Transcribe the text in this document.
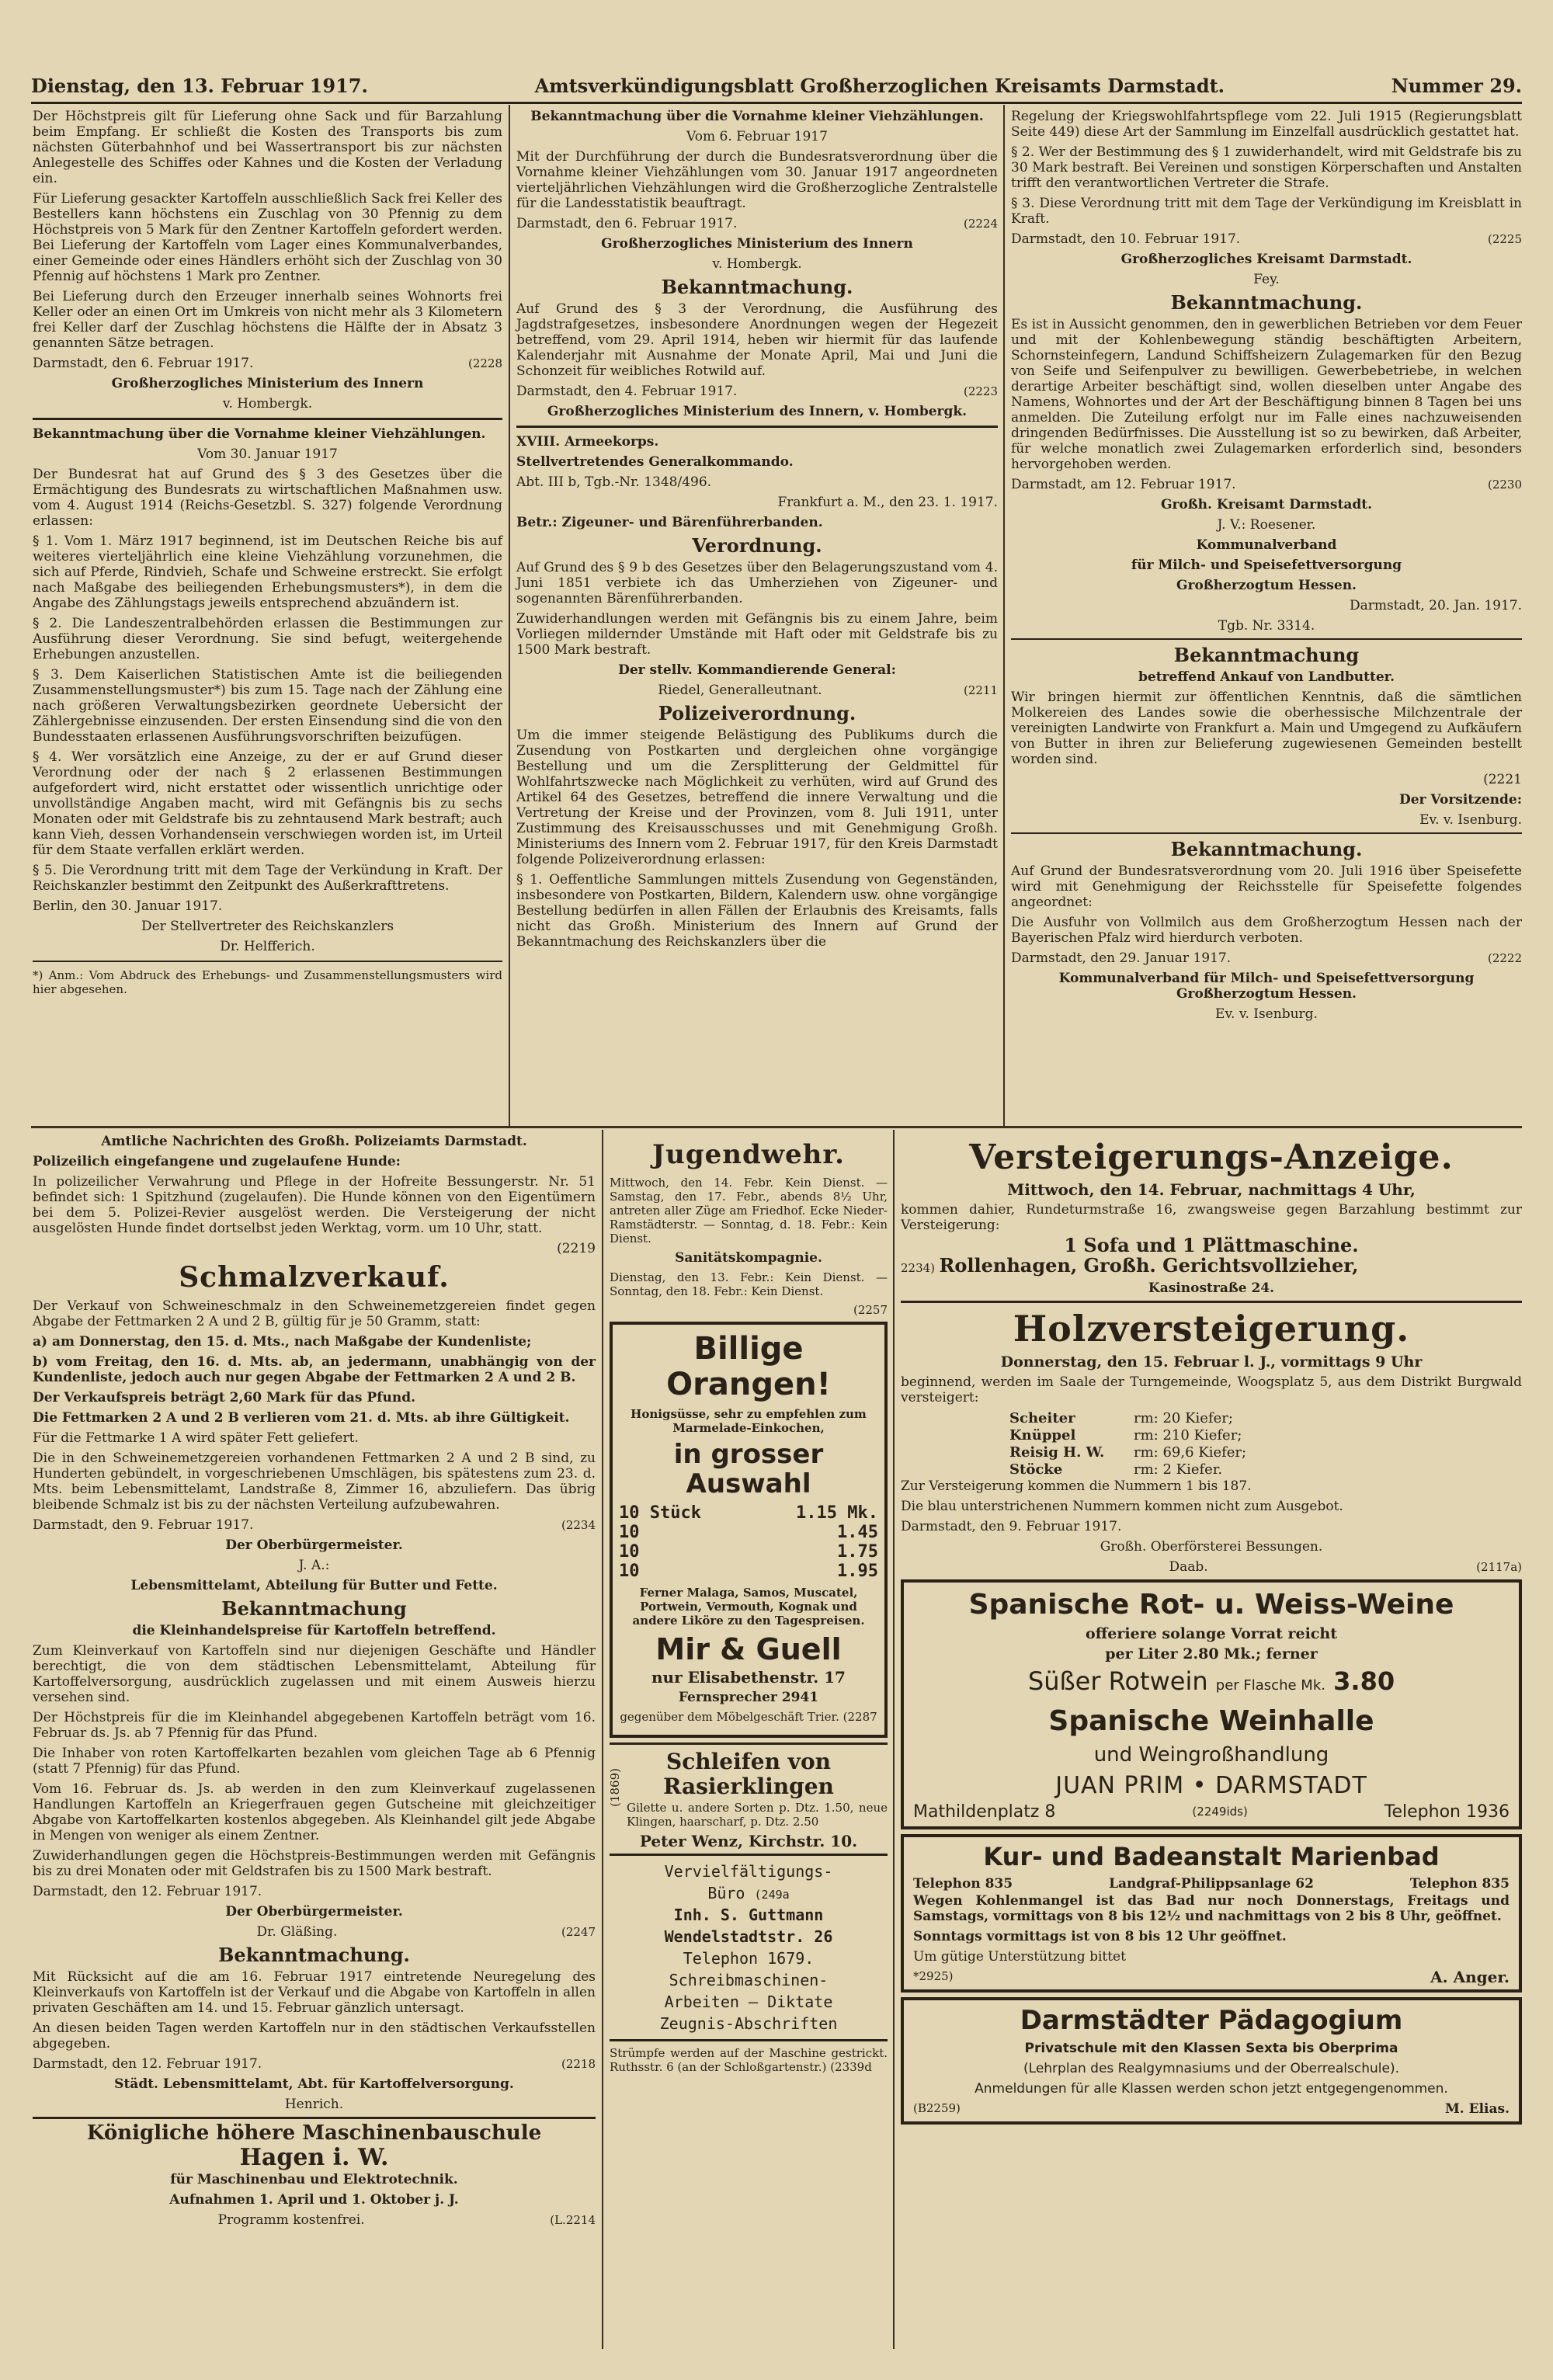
Dienstag, den 13. Februar 1917.	Amtsverkündigungsblatt Großherzoglichen Kreisamts Darmstadt.	Nummer 29.

Der Höchstpreis gilt für Lieferung ohne Sack und für Barzahlung beim Empfang. Er schließt die Kosten des Transports bis zum nächsten Güterbahnhof und bei Wassertransport bis zur nächsten Anlegestelle des Schiffes oder Kahnes und die Kosten der Verladung ein.

Für Lieferung gesackter Kartoffeln ausschließlich Sack frei Keller des Bestellers kann höchstens ein Zuschlag von 30 Pfennig zu dem Höchstpreis von 5 Mark für den Zentner Kartoffeln gefordert werden. Bei Lieferung der Kartoffeln vom Lager eines Kommunalverbandes, einer Gemeinde oder eines Händlers erhöht sich der Zuschlag von 30 Pfennig auf höchstens 1 Mark pro Zentner.

Bei Lieferung durch den Erzeuger innerhalb seines Wohnorts frei Keller oder an einen Ort im Umkreis von nicht mehr als 3 Kilometern frei Keller darf der Zuschlag höchstens die Hälfte der in Absatz 3 genannten Sätze betragen.

Darmstadt, den 6. Februar 1917.	(2228

Großherzogliches Ministerium des Innern

v. Hombergk.

Bekanntmachung über die Vornahme kleiner Viehzählungen.

Vom 30. Januar 1917

Der Bundesrat hat auf Grund des § 3 des Gesetzes über die Ermächtigung des Bundesrats zu wirtschaftlichen Maßnahmen usw. vom 4. August 1914 (Reichs-Gesetzbl. S. 327) folgende Verordnung erlassen:

§ 1. Vom 1. März 1917 beginnend, ist im Deutschen Reiche bis auf weiteres vierteljährlich eine kleine Viehzählung vorzunehmen, die sich auf Pferde, Rindvieh, Schafe und Schweine erstreckt. Sie erfolgt nach Maßgabe des beiliegenden Erhebungsmusters*), in dem die Angabe des Zählungstags jeweils entsprechend abzuändern ist.

§ 2. Die Landeszentralbehörden erlassen die Bestimmungen zur Ausführung dieser Verordnung. Sie sind befugt, weitergehende Erhebungen anzustellen.

§ 3. Dem Kaiserlichen Statistischen Amte ist die beiliegenden Zusammenstellungsmuster*) bis zum 15. Tage nach der Zählung eine nach größeren Verwaltungsbezirken geordnete Uebersicht der Zählergebnisse einzusenden. Der ersten Einsendung sind die von den Bundesstaaten erlassenen Ausführungsvorschriften beizufügen.

§ 4. Wer vorsätzlich eine Anzeige, zu der er auf Grund dieser Verordnung oder der nach § 2 erlassenen Bestimmungen aufgefordert wird, nicht erstattet oder wissentlich unrichtige oder unvollständige Angaben macht, wird mit Gefängnis bis zu sechs Monaten oder mit Geldstrafe bis zu zehntausend Mark bestraft; auch kann Vieh, dessen Vorhandensein verschwiegen worden ist, im Urteil für dem Staate verfallen erklärt werden.

§ 5. Die Verordnung tritt mit dem Tage der Verkündung in Kraft. Der Reichskanzler bestimmt den Zeitpunkt des Außerkrafttretens.

Berlin, den 30. Januar 1917.

Der Stellvertreter des Reichskanzlers

Dr. Helfferich.

*) Anm.: Vom Abdruck des Erhebungs- und Zusammenstellungsmusters wird hier abgesehen.

Bekanntmachung über die Vornahme kleiner Viehzählungen.

Vom 6. Februar 1917

Mit der Durchführung der durch die Bundesratsverordnung über die Vornahme kleiner Viehzählungen vom 30. Januar 1917 angeordneten vierteljährlichen Viehzählungen wird die Großherzogliche Zentralstelle für die Landesstatistik beauftragt.

Darmstadt, den 6. Februar 1917.	(2224

Großherzogliches Ministerium des Innern

v. Hombergk.

Bekanntmachung.

Auf Grund des § 3 der Verordnung, die Ausführung des Jagdstrafgesetzes, insbesondere Anordnungen wegen der Hegezeit betreffend, vom 29. April 1914, heben wir hiermit für das laufende Kalenderjahr mit Ausnahme der Monate April, Mai und Juni die Schonzeit für weibliches Rotwild auf.

Darmstadt, den 4. Februar 1917.	(2223

Großherzogliches Ministerium des Innern, v. Hombergk.

XVIII. Armeekorps.

Stellvertretendes Generalkommando.

Abt. III b, Tgb.-Nr. 1348/496.

Frankfurt a. M., den 23. 1. 1917.

Betr.: Zigeuner- und Bärenführerbanden.

Verordnung.

Auf Grund des § 9 b des Gesetzes über den Belagerungszustand vom 4. Juni 1851 verbiete ich das Umherziehen von Zigeuner- und sogenannten Bärenführerbanden.

Zuwiderhandlungen werden mit Gefängnis bis zu einem Jahre, beim Vorliegen mildernder Umstände mit Haft oder mit Geldstrafe bis zu 1500 Mark bestraft.

Der stellv. Kommandierende General:

Riedel, Generalleutnant.	(2211

Polizeiverordnung.

Um die immer steigende Belästigung des Publikums durch die Zusendung von Postkarten und dergleichen ohne vorgängige Bestellung und um die Zersplitterung der Geldmittel für Wohlfahrtszwecke nach Möglichkeit zu verhüten, wird auf Grund des Artikel 64 des Gesetzes, betreffend die innere Verwaltung und die Vertretung der Kreise und der Provinzen, vom 8. Juli 1911, unter Zustimmung des Kreisausschusses und mit Genehmigung Großh. Ministeriums des Innern vom 2. Februar 1917, für den Kreis Darmstadt folgende Polizeiverordnung erlassen:

§ 1. Oeffentliche Sammlungen mittels Zusendung von Gegenständen, insbesondere von Postkarten, Bildern, Kalendern usw. ohne vorgängige Bestellung bedürfen in allen Fällen der Erlaubnis des Kreisamts, falls nicht das Großh. Ministerium des Innern auf Grund der Bekanntmachung des Reichskanzlers über die

Regelung der Kriegswohlfahrtspflege vom 22. Juli 1915 (Regierungsblatt Seite 449) diese Art der Sammlung im Einzelfall ausdrücklich gestattet hat.

§ 2. Wer der Bestimmung des § 1 zuwiderhandelt, wird mit Geldstrafe bis zu 30 Mark bestraft. Bei Vereinen und sonstigen Körperschaften und Anstalten trifft den verantwortlichen Vertreter die Strafe.

§ 3. Diese Verordnung tritt mit dem Tage der Verkündigung im Kreisblatt in Kraft.

Darmstadt, den 10. Februar 1917.	(2225

Großherzogliches Kreisamt Darmstadt.

Fey.

Bekanntmachung.

Es ist in Aussicht genommen, den in gewerblichen Betrieben vor dem Feuer und mit der Kohlenbewegung ständig beschäftigten Arbeitern, Schornsteinfegern, Landund Schiffsheizern Zulagemarken für den Bezug von Seife und Seifenpulver zu bewilligen. Gewerbebetriebe, in welchen derartige Arbeiter beschäftigt sind, wollen dieselben unter Angabe des Namens, Wohnortes und der Art der Beschäftigung binnen 8 Tagen bei uns anmelden. Die Zuteilung erfolgt nur im Falle eines nachzuweisenden dringenden Bedürfnisses. Die Ausstellung ist so zu bewirken, daß Arbeiter, für welche monatlich zwei Zulagemarken erforderlich sind, besonders hervorgehoben werden.

Darmstadt, am 12. Februar 1917.	(2230

Großh. Kreisamt Darmstadt.

J. V.: Roesener.

Kommunalverband

für Milch- und Speisefettversorgung

Großherzogtum Hessen.

Darmstadt, 20. Jan. 1917.

Tgb. Nr. 3314.

Bekanntmachung

betreffend Ankauf von Landbutter.

Wir bringen hiermit zur öffentlichen Kenntnis, daß die sämtlichen Molkereien des Landes sowie die oberhessische Milchzentrale der vereinigten Landwirte von Frankfurt a. Main und Umgegend zu Aufkäufern von Butter in ihren zur Belieferung zugewiesenen Gemeinden bestellt worden sind.

(2221

Der Vorsitzende:

Ev. v. Isenburg.

Bekanntmachung.

Auf Grund der Bundesratsverordnung vom 20. Juli 1916 über Speisefette wird mit Genehmigung der Reichsstelle für Speisefette folgendes angeordnet:

Die Ausfuhr von Vollmilch aus dem Großherzogtum Hessen nach der Bayerischen Pfalz wird hierdurch verboten.

Darmstadt, den 29. Januar 1917.	(2222

Kommunalverband für Milch- und Speisefettversorgung Großherzogtum Hessen.

Ev. v. Isenburg.

Amtliche Nachrichten des Großh. Polizeiamts Darmstadt.

Polizeilich eingefangene und zugelaufene Hunde:

In polizeilicher Verwahrung und Pflege in der Hofreite Bessungerstr. Nr. 51 befindet sich: 1 Spitzhund (zugelaufen). Die Hunde können von den Eigentümern bei dem 5. Polizei-Revier ausgelöst werden. Die Versteigerung der nicht ausgelösten Hunde findet dortselbst jeden Werktag, vorm. um 10 Uhr, statt.

(2219

Schmalzverkauf.

Der Verkauf von Schweineschmalz in den Schweinemetzgereien findet gegen Abgabe der Fettmarken 2 A und 2 B, gültig für je 50 Gramm, statt:

a) am Donnerstag, den 15. d. Mts., nach Maßgabe der Kundenliste;

b) vom Freitag, den 16. d. Mts. ab, an jedermann, unabhängig von der Kundenliste, jedoch auch nur gegen Abgabe der Fettmarken 2 A und 2 B.

Der Verkaufspreis beträgt 2,60 Mark für das Pfund.

Die Fettmarken 2 A und 2 B verlieren vom 21. d. Mts. ab ihre Gültigkeit.

Für die Fettmarke 1 A wird später Fett geliefert.

Die in den Schweinemetzgereien vorhandenen Fettmarken 2 A und 2 B sind, zu Hunderten gebündelt, in vorgeschriebenen Umschlägen, bis spätestens zum 23. d. Mts. beim Lebensmittelamt, Landstraße 8, Zimmer 16, abzuliefern. Das übrig bleibende Schmalz ist bis zu der nächsten Verteilung aufzubewahren.

Darmstadt, den 9. Februar 1917.	(2234

Der Oberbürgermeister.

J. A.:

Lebensmittelamt, Abteilung für Butter und Fette.

Bekanntmachung

die Kleinhandelspreise für Kartoffeln betreffend.

Zum Kleinverkauf von Kartoffeln sind nur diejenigen Geschäfte und Händler berechtigt, die von dem städtischen Lebensmittelamt, Abteilung für Kartoffelversorgung, ausdrücklich zugelassen und mit einem Ausweis hierzu versehen sind.

Der Höchstpreis für die im Kleinhandel abgegebenen Kartoffeln beträgt vom 16. Februar ds. Js. ab 7 Pfennig für das Pfund.

Die Inhaber von roten Kartoffelkarten bezahlen vom gleichen Tage ab 6 Pfennig (statt 7 Pfennig) für das Pfund.

Vom 16. Februar ds. Js. ab werden in den zum Kleinverkauf zugelassenen Handlungen Kartoffeln an Kriegerfrauen gegen Gutscheine mit gleichzeitiger Abgabe von Kartoffelkarten kostenlos abgegeben. Als Kleinhandel gilt jede Abgabe in Mengen von weniger als einem Zentner.

Zuwiderhandlungen gegen die Höchstpreis-Bestimmungen werden mit Gefängnis bis zu drei Monaten oder mit Geldstrafen bis zu 1500 Mark bestraft.

Darmstadt, den 12. Februar 1917.

Der Oberbürgermeister.

Dr. Gläßing.	(2247

Bekanntmachung.

Mit Rücksicht auf die am 16. Februar 1917 eintretende Neuregelung des Kleinverkaufs von Kartoffeln ist der Verkauf und die Abgabe von Kartoffeln in allen privaten Geschäften am 14. und 15. Februar gänzlich untersagt.

An diesen beiden Tagen werden Kartoffeln nur in den städtischen Verkaufsstellen abgegeben.

Darmstadt, den 12. Februar 1917.	(2218

Städt. Lebensmittelamt, Abt. für Kartoffelversorgung.

Henrich.

Königliche höhere Maschinenbauschule

Hagen i. W.

für Maschinenbau und Elektrotechnik.

Aufnahmen 1. April und 1. Oktober j. J.

Programm kostenfrei.	(L.2214

Jugendwehr.

Mittwoch, den 14. Febr. Kein Dienst. — Samstag, den 17. Febr., abends 8½ Uhr, antreten aller Züge am Friedhof. Ecke Nieder-Ramstädterstr. — Sonntag, d. 18. Febr.: Kein Dienst.

Sanitätskompagnie.

Dienstag, den 13. Febr.: Kein Dienst. — Sonntag, den 18. Febr.: Kein Dienst.

(2257

Billige

Orangen!

Honigsüsse, sehr zu empfehlen zum Marmelade-Einkochen,

in grosser

Auswahl

10 Stück	1.15 Mk.
10	1.45
10	1.75
10	1.95

Ferner Malaga, Samos, Muscatel, Portwein, Vermouth, Kognak und andere Liköre zu den Tagespreisen.

Mir & Guell

nur Elisabethenstr. 17

Fernsprecher 2941

gegenüber dem Möbelgeschäft Trier. (2287

(1869)

Schleifen von

Rasierklingen

Gilette u. andere Sorten p. Dtz. 1.50, neue Klingen, haarscharf, p. Dtz. 2.50

Peter Wenz, Kirchstr. 10.

Vervielfältigungs-
Büro (249a
Inh. S. Guttmann
Wendelstadtstr. 26
Telephon 1679.
Schreibmaschinen-
Arbeiten — Diktate
Zeugnis-Abschriften

Strümpfe werden auf der Maschine gestrickt. Ruthsstr. 6 (an der Schloßgartenstr.) (2339d

Versteigerungs-Anzeige.

Mittwoch, den 14. Februar, nachmittags 4 Uhr,

kommen dahier, Rundeturmstraße 16, zwangsweise gegen Barzahlung bestimmt zur Versteigerung:

1 Sofa und 1 Plättmaschine.

2234) Rollenhagen, Großh. Gerichtsvollzieher,

Kasinostraße 24.

Holzversteigerung.

Donnerstag, den 15. Februar l. J., vormittags 9 Uhr

beginnend, werden im Saale der Turngemeinde, Woogsplatz 5, aus dem Distrikt Burgwald versteigert:

Scheiter	rm: 20 Kiefer;
Knüppel	rm: 210 Kiefer;
Reisig H. W.	rm: 69,6 Kiefer;
Stöcke	rm: 2 Kiefer.

Zur Versteigerung kommen die Nummern 1 bis 187.

Die blau unterstrichenen Nummern kommen nicht zum Ausgebot.

Darmstadt, den 9. Februar 1917.

Großh. Oberförsterei Bessungen.

Daab.	(2117a)

Spanische Rot- u. Weiss-Weine

offeriere solange Vorrat reicht

per Liter 2.80 Mk.; ferner

Süßer Rotwein per Flasche Mk. 3.80

Spanische Weinhalle

und Weingroßhandlung

JUAN PRIM • DARMSTADT

Mathildenplatz 8	(2249ids)	Telephon 1936

Kur- und Badeanstalt Marienbad

Telephon 835	Landgraf-Philippsanlage 62	Telephon 835

Wegen Kohlenmangel ist das Bad nur noch Donnerstags, Freitags und Samstags, vormittags von 8 bis 12½ und nachmittags von 2 bis 8 Uhr, geöffnet.

Sonntags vormittags ist von 8 bis 12 Uhr geöffnet.

Um gütige Unterstützung bittet

*2925)	A. Anger.

Darmstädter Pädagogium

Privatschule mit den Klassen Sexta bis Oberprima

(Lehrplan des Realgymnasiums und der Oberrealschule).

Anmeldungen für alle Klassen werden schon jetzt entgegengenommen.

(B2259)	M. Elias.
